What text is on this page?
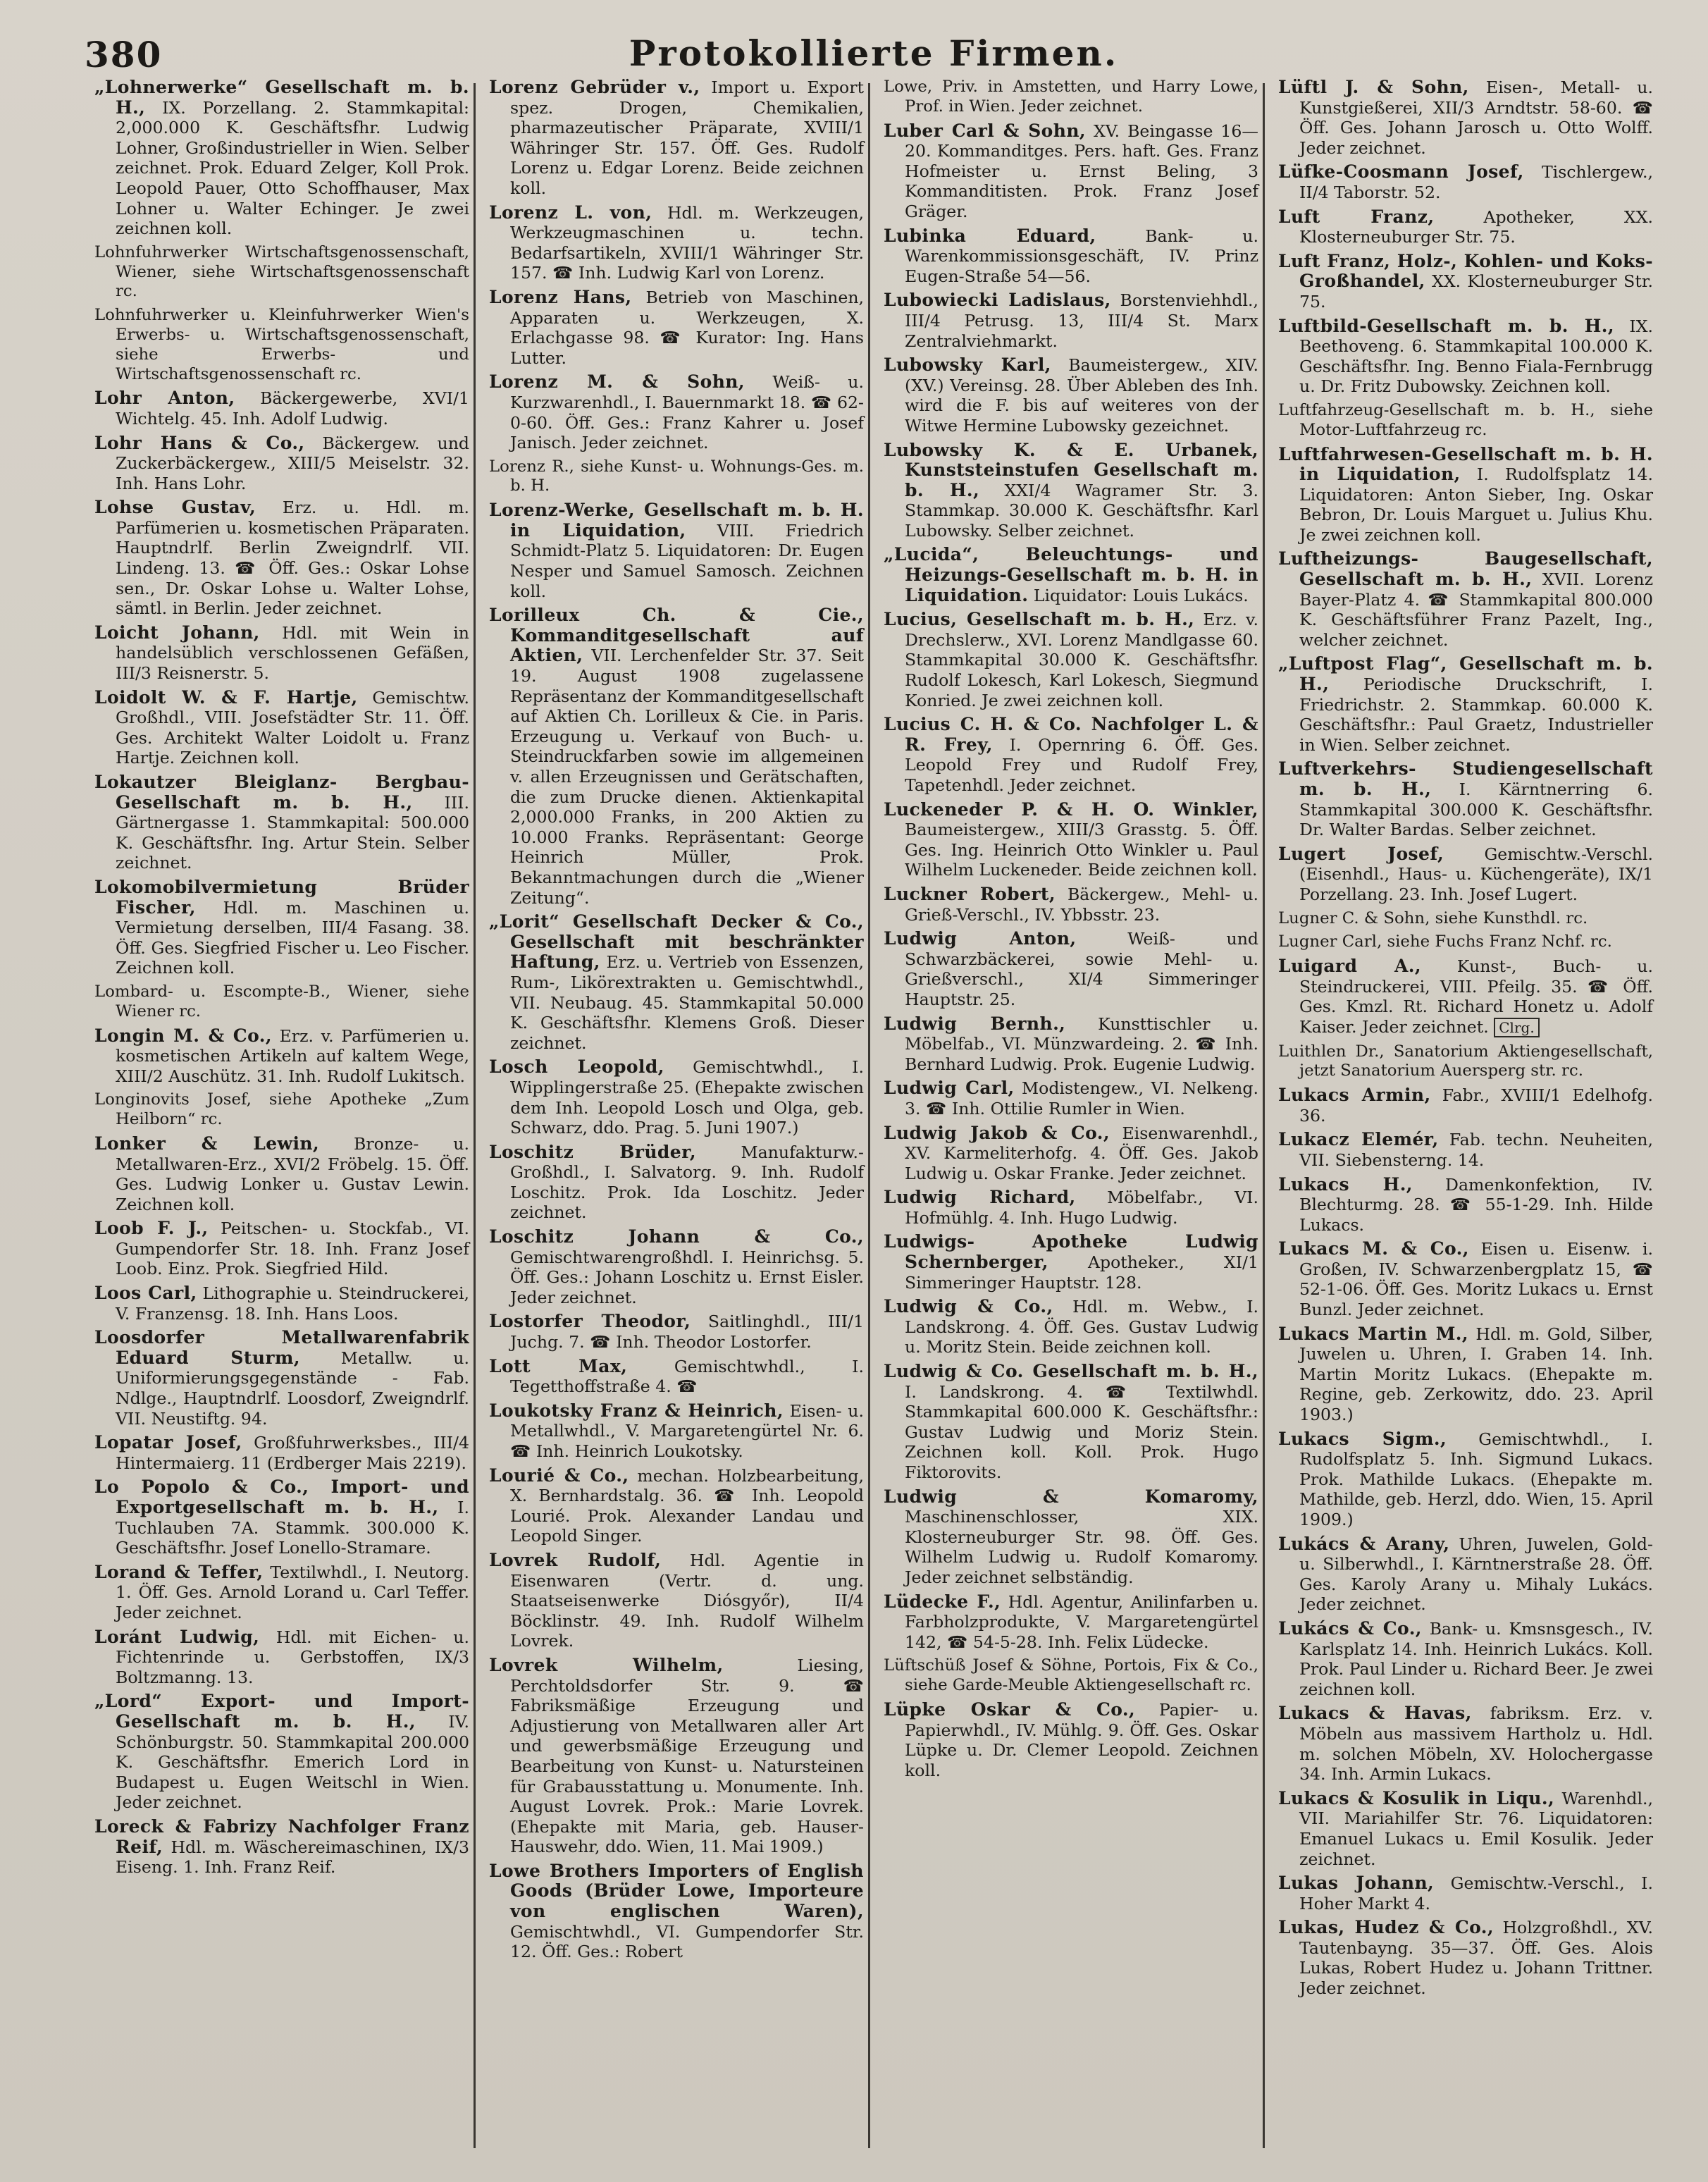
380	Protokollierte Firmen.

„Lohnerwerke“ Gesellschaft m. b. H., IX. Porzellang. 2. Stammkapital: 2,000.000 K. Geschäftsfhr. Ludwig Lohner, Großindustrieller in Wien. Selber zeichnet. Prok. Eduard Zelger, Koll Prok. Leopold Pauer, Otto Schoffhauser, Max Lohner u. Walter Echinger. Je zwei zeichnen koll.

Lohnfuhrwerker Wirtschaftsgenossenschaft, Wiener, siehe Wirtschaftsgenossenschaft rc.

Lohnfuhrwerker u. Kleinfuhrwerker Wien's Erwerbs- u. Wirtschaftsgenossenschaft, siehe Erwerbs- und Wirtschaftsgenossenschaft rc.

Lohr Anton, Bäckergewerbe, XVI/1 Wichtelg. 45. Inh. Adolf Ludwig.

Lohr Hans & Co., Bäckergew. und Zuckerbäckergew., XIII/5 Meiselstr. 32. Inh. Hans Lohr.

Lohse Gustav, Erz. u. Hdl. m. Parfümerien u. kosmetischen Präparaten. Hauptndrlf. Berlin Zweigndrlf. VII. Lindeng. 13. ☎ Öff. Ges.: Oskar Lohse sen., Dr. Oskar Lohse u. Walter Lohse, sämtl. in Berlin. Jeder zeichnet.

Loicht Johann, Hdl. mit Wein in handelsüblich verschlossenen Gefäßen, III/3 Reisnerstr. 5.

Loidolt W. & F. Hartje, Gemischtw. Großhdl., VIII. Josefstädter Str. 11. Öff. Ges. Architekt Walter Loidolt u. Franz Hartje. Zeichnen koll.

Lokautzer Bleiglanz- Bergbau-Gesellschaft m. b. H., III. Gärtnergasse 1. Stammkapital: 500.000 K. Geschäftsfhr. Ing. Artur Stein. Selber zeichnet.

Lokomobilvermietung Brüder Fischer, Hdl. m. Maschinen u. Vermietung derselben, III/4 Fasang. 38. Öff. Ges. Siegfried Fischer u. Leo Fischer. Zeichnen koll.

Lombard- u. Escompte-B., Wiener, siehe Wiener rc.

Longin M. & Co., Erz. v. Parfümerien u. kosmetischen Artikeln auf kaltem Wege, XIII/2 Auschütz. 31. Inh. Rudolf Lukitsch.

Longinovits Josef, siehe Apotheke „Zum Heilborn“ rc.

Lonker & Lewin, Bronze- u. Metallwaren-Erz., XVI/2 Fröbelg. 15. Öff. Ges. Ludwig Lonker u. Gustav Lewin. Zeichnen koll.

Loob F. J., Peitschen- u. Stockfab., VI. Gumpendorfer Str. 18. Inh. Franz Josef Loob. Einz. Prok. Siegfried Hild.

Loos Carl, Lithographie u. Steindruckerei, V. Franzensg. 18. Inh. Hans Loos.

Loosdorfer Metallwarenfabrik Eduard Sturm, Metallw. u. Uniformierungsgegenstände - Fab. Ndlge., Hauptndrlf. Loosdorf, Zweigndrlf. VII. Neustiftg. 94.

Lopatar Josef, Großfuhrwerksbes., III/4 Hintermaierg. 11 (Erdberger Mais 2219).

Lo Popolo & Co., Import- und Exportgesellschaft m. b. H., I. Tuchlauben 7A. Stammk. 300.000 K. Geschäftsfhr. Josef Lonello-Stramare.

Lorand & Teffer, Textilwhdl., I. Neutorg. 1. Öff. Ges. Arnold Lorand u. Carl Teffer. Jeder zeichnet.

Loránt Ludwig, Hdl. mit Eichen- u. Fichtenrinde u. Gerbstoffen, IX/3 Boltzmanng. 13.

„Lord“ Export- und Import-Gesellschaft m. b. H., IV. Schönburgstr. 50. Stammkapital 200.000 K. Geschäftsfhr. Emerich Lord in Budapest u. Eugen Weitschl in Wien. Jeder zeichnet.

Loreck & Fabrizy Nachfolger Franz Reif, Hdl. m. Wäschereimaschinen, IX/3 Eiseng. 1. Inh. Franz Reif.

Lorenz Gebrüder v., Import u. Export spez. Drogen, Chemikalien, pharmazeutischer Präparate, XVIII/1 Währinger Str. 157. Öff. Ges. Rudolf Lorenz u. Edgar Lorenz. Beide zeichnen koll.

Lorenz L. von, Hdl. m. Werkzeugen, Werkzeugmaschinen u. techn. Bedarfsartikeln, XVIII/1 Währinger Str. 157. ☎ Inh. Ludwig Karl von Lorenz.

Lorenz Hans, Betrieb von Maschinen, Apparaten u. Werkzeugen, X. Erlachgasse 98. ☎ Kurator: Ing. Hans Lutter.

Lorenz M. & Sohn, Weiß- u. Kurzwarenhdl., I. Bauernmarkt 18. ☎ 62-0-60. Öff. Ges.: Franz Kahrer u. Josef Janisch. Jeder zeichnet.

Lorenz R., siehe Kunst- u. Wohnungs-Ges. m. b. H.

Lorenz-Werke, Gesellschaft m. b. H. in Liquidation, VIII. Friedrich Schmidt-Platz 5. Liquidatoren: Dr. Eugen Nesper und Samuel Samosch. Zeichnen koll.

Lorilleux Ch. & Cie., Kommanditgesellschaft auf Aktien, VII. Lerchenfelder Str. 37. Seit 19. August 1908 zugelassene Repräsentanz der Kommanditgesellschaft auf Aktien Ch. Lorilleux & Cie. in Paris. Erzeugung u. Verkauf von Buch- u. Steindruckfarben sowie im allgemeinen v. allen Erzeugnissen und Gerätschaften, die zum Drucke dienen. Aktienkapital 2,000.000 Franks, in 200 Aktien zu 10.000 Franks. Repräsentant: George Heinrich Müller, Prok. Bekanntmachungen durch die „Wiener Zeitung“.

„Lorit“ Gesellschaft Decker & Co., Gesellschaft mit beschränkter Haftung, Erz. u. Vertrieb von Essenzen, Rum-, Likörextrakten u. Gemischtwhdl., VII. Neubaug. 45. Stammkapital 50.000 K. Geschäftsfhr. Klemens Groß. Dieser zeichnet.

Losch Leopold, Gemischtwhdl., I. Wipplingerstraße 25. (Ehepakte zwischen dem Inh. Leopold Losch und Olga, geb. Schwarz, ddo. Prag. 5. Juni 1907.)

Loschitz Brüder,	Manufakturw.-Großhdl., I. Salvatorg. 9. Inh. Rudolf Loschitz. Prok. Ida Loschitz. Jeder zeichnet.

Loschitz Johann & Co., Gemischtwarengroßhdl. I. Heinrichsg. 5. Öff. Ges.: Johann Loschitz u. Ernst Eisler. Jeder zeichnet.

Lostorfer Theodor, Saitlinghdl., III/1 Juchg. 7. ☎ Inh. Theodor Lostorfer.

Lott Max,	Gemischtwhdl., I. Tegetthoffstraße 4. ☎

Loukotsky Franz & Heinrich, Eisen- u. Metallwhdl., V. Margaretengürtel Nr. 6. ☎ Inh. Heinrich Loukotsky.

Lourié & Co., mechan. Holzbearbeitung, X. Bernhardstalg. 36. ☎ Inh. Leopold Lourié. Prok. Alexander Landau und Leopold Singer.

Lovrek Rudolf, Hdl. Agentie in Eisenwaren (Vertr. d. ung. Staatseisenwerke Diósgyőr), II/4 Böcklinstr. 49. Inh. Rudolf Wilhelm Lovrek.

Lovrek Wilhelm,	Liesing, Perchtoldsdorfer Str. 9. ☎ Fabriksmäßige Erzeugung und Adjustierung von Metallwaren aller Art und gewerbsmäßige Erzeugung und Bearbeitung von Kunst- u. Natursteinen für Grabausstattung u. Monumente. Inh. August Lovrek. Prok.: Marie Lovrek. (Ehepakte mit Maria, geb. Hauser-Hauswehr, ddo. Wien, 11. Mai 1909.)

Lowe Brothers Importers of English Goods (Brüder Lowe, Importeure von englischen Waren), Gemischtwhdl., VI. Gumpendorfer Str. 12. Öff. Ges.: Robert

Lowe, Priv. in Amstetten, und Harry Lowe, Prof. in Wien. Jeder zeichnet.

Luber Carl & Sohn, XV. Beingasse 16—20. Kommanditges. Pers. haft. Ges. Franz Hofmeister u. Ernst Beling, 3 Kommanditisten. Prok. Franz Josef Gräger.

Lubinka Eduard,	Bank- u. Warenkommissionsgeschäft, IV. Prinz Eugen-Straße 54—56.

Lubowiecki Ladislaus, Borstenviehhdl., III/4 Petrusg. 13, III/4 St. Marx Zentralviehmarkt.

Lubowsky Karl, Baumeistergew., XIV. (XV.) Vereinsg. 28. Über Ableben des Inh. wird die F. bis auf weiteres von der Witwe Hermine Lubowsky gezeichnet.

Lubowsky K. & E. Urbanek, Kunststeinstufen Gesellschaft m. b. H., XXI/4 Wagramer Str. 3. Stammkap. 30.000 K. Geschäftsfhr. Karl Lubowsky. Selber zeichnet.

„Lucida“, Beleuchtungs- und Heizungs-Gesellschaft m. b. H. in Liquidation. Liquidator: Louis Lukács.

Lucius, Gesellschaft m. b. H., Erz. v. Drechslerw., XVI. Lorenz Mandlgasse 60. Stammkapital 30.000 K. Geschäftsfhr. Rudolf Lokesch, Karl Lokesch, Siegmund Konried. Je zwei zeichnen koll.

Lucius C. H. & Co. Nachfolger L. & R. Frey, I. Opernring 6. Öff. Ges. Leopold Frey und Rudolf Frey, Tapetenhdl. Jeder zeichnet.

Luckeneder P. & H. O. Winkler, Baumeistergew., XIII/3 Grasstg. 5. Öff. Ges. Ing. Heinrich Otto Winkler u. Paul Wilhelm Luckeneder. Beide zeichnen koll.

Luckner Robert, Bäckergew., Mehl- u. Grieß-Verschl., IV. Ybbsstr. 23.

Ludwig Anton,	Weiß- und Schwarzbäckerei, sowie Mehl- u. Grießverschl., XI/4 Simmeringer Hauptstr. 25.

Ludwig Bernh., Kunsttischler u. Möbelfab., VI. Münzwardeing. 2. ☎ Inh. Bernhard Ludwig. Prok. Eugenie Ludwig.

Ludwig Carl, Modistengew., VI. Nelkeng. 3. ☎ Inh. Ottilie Rumler in Wien.

Ludwig Jakob & Co., Eisenwarenhdl., XV. Karmeliterhofg. 4. Öff. Ges. Jakob Ludwig u. Oskar Franke. Jeder zeichnet.

Ludwig Richard, Möbelfabr., VI. Hofmühlg. 4. Inh. Hugo Ludwig.

Ludwigs- Apotheke Ludwig Schernberger, Apotheker., XI/1 Simmeringer Hauptstr. 128.

Ludwig & Co., Hdl. m. Webw., I. Landskrong. 4. Öff. Ges. Gustav Ludwig u. Moritz Stein. Beide zeichnen koll.

Ludwig & Co. Gesellschaft m. b. H., I. Landskrong. 4. ☎ Textilwhdl. Stammkapital 600.000 K. Geschäftsfhr.: Gustav Ludwig und Moriz Stein. Zeichnen koll. Koll. Prok. Hugo Fiktorovits.

Ludwig & Komaromy, Maschinenschlosser, XIX. Klosterneuburger Str. 98. Öff. Ges. Wilhelm Ludwig u. Rudolf Komaromy. Jeder zeichnet selbständig.

Lüdecke F., Hdl. Agentur, Anilinfarben u. Farbholzprodukte, V. Margaretengürtel 142, ☎ 54-5-28. Inh. Felix Lüdecke.

Lüftschüß Josef & Söhne, Portois, Fix & Co., siehe Garde-Meuble Aktiengesellschaft rc.

Lüpke Oskar & Co., Papier- u. Papierwhdl., IV. Mühlg. 9. Öff. Ges. Oskar Lüpke u. Dr. Clemer Leopold. Zeichnen koll.

Lüftl J. & Sohn, Eisen-, Metall- u. Kunstgießerei, XII/3 Arndtstr. 58-60. ☎ Öff. Ges. Johann Jarosch u. Otto Wolff. Jeder zeichnet.

Lüfke-Coosmann Josef, Tischlergew., II/4 Taborstr. 52.

Luft Franz,	Apotheker, XX. Klosterneuburger Str. 75.

Luft Franz, Holz-, Kohlen- und Koks-Großhandel, XX. Klosterneuburger Str. 75.

Luftbild-Gesellschaft m. b. H., IX. Beethoveng. 6. Stammkapital 100.000 K. Geschäftsfhr. Ing. Benno Fiala-Fernbrugg u. Dr. Fritz Dubowsky. Zeichnen koll.

Luftfahrzeug-Gesellschaft m. b. H., siehe Motor-Luftfahrzeug rc.

Luftfahrwesen-Gesellschaft m. b. H. in Liquidation, I. Rudolfsplatz 14. Liquidatoren: Anton Sieber, Ing. Oskar Bebron, Dr. Louis Marguet u. Julius Khu. Je zwei zeichnen koll.

Luftheizungs- Baugesellschaft, Gesellschaft m. b. H., XVII. Lorenz Bayer-Platz 4. ☎ Stammkapital 800.000 K. Geschäftsführer Franz Pazelt, Ing., welcher zeichnet.

„Luftpost Flag“, Gesellschaft m. b. H., Periodische Druckschrift, I. Friedrichstr. 2. Stammkap. 60.000 K. Geschäftsfhr.: Paul Graetz, Industrieller in Wien. Selber zeichnet.

Luftverkehrs- Studiengesellschaft m. b. H., I. Kärntnerring 6. Stammkapital 300.000 K. Geschäftsfhr. Dr. Walter Bardas. Selber zeichnet.

Lugert Josef, Gemischtw.-Verschl. (Eisenhdl., Haus- u. Küchengeräte), IX/1 Porzellang. 23. Inh. Josef Lugert.

Lugner C. & Sohn, siehe Kunsthdl. rc.

Lugner Carl, siehe Fuchs Franz Nchf. rc.

Luigard A., Kunst-, Buch- u. Steindruckerei, VIII. Pfeilg. 35. ☎ Öff. Ges. Kmzl. Rt. Richard Honetz u. Adolf Kaiser. Jeder zeichnet. Clrg.

Luithlen Dr., Sanatorium Aktiengesellschaft, jetzt Sanatorium Auersperg str. rc.

Lukacs Armin, Fabr., XVIII/1 Edelhofg. 36.

Lukacz Elemér, Fab. techn. Neuheiten, VII. Siebensterng. 14.

Lukacs H., Damenkonfektion, IV. Blechturmg. 28. ☎ 55-1-29. Inh. Hilde Lukacs.

Lukacs M. & Co., Eisen u. Eisenw. i. Großen, IV. Schwarzenbergplatz 15, ☎ 52-1-06. Öff. Ges. Moritz Lukacs u. Ernst Bunzl. Jeder zeichnet.

Lukacs Martin M., Hdl. m. Gold, Silber, Juwelen u. Uhren, I. Graben 14. Inh. Martin Moritz Lukacs. (Ehepakte m. Regine, geb. Zerkowitz, ddo. 23. April 1903.)

Lukacs Sigm., Gemischtwhdl., I. Rudolfsplatz 5. Inh. Sigmund Lukacs. Prok. Mathilde Lukacs. (Ehepakte m. Mathilde, geb. Herzl, ddo. Wien, 15. April 1909.)

Lukács & Arany, Uhren, Juwelen, Gold- u. Silberwhdl., I. Kärntnerstraße 28. Öff. Ges. Karoly Arany u. Mihaly Lukács. Jeder zeichnet.

Lukács & Co., Bank- u. Kmsnsgesch., IV. Karlsplatz 14. Inh. Heinrich Lukács. Koll. Prok. Paul Linder u. Richard Beer. Je zwei zeichnen koll.

Lukacs & Havas, fabriksm. Erz. v. Möbeln aus massivem Hartholz u. Hdl. m. solchen Möbeln, XV. Holochergasse 34. Inh. Armin Lukacs.

Lukacs & Kosulik in Liqu., Warenhdl., VII. Mariahilfer Str. 76. Liquidatoren: Emanuel Lukacs u. Emil Kosulik. Jeder zeichnet.

Lukas Johann, Gemischtw.-Verschl., I. Hoher Markt 4.

Lukas, Hudez & Co., Holzgroßhdl., XV. Tautenbayng. 35—37. Öff. Ges. Alois Lukas, Robert Hudez u. Johann Trittner. Jeder zeichnet.
